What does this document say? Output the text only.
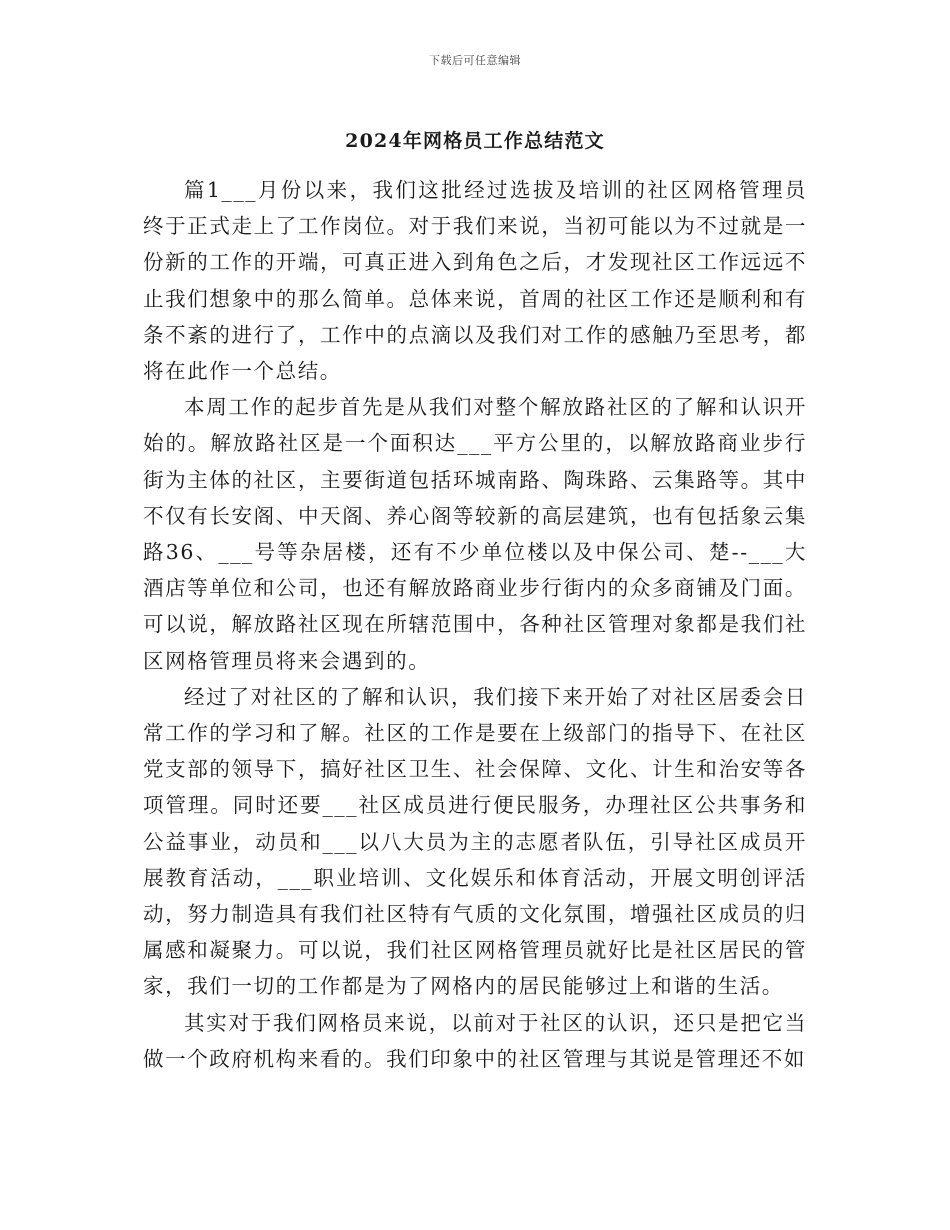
下载后可任意编辑
2024年网格员工作总结范文

篇1___月份以来，我们这批经过选拔及培训的社区网格管理员终于正式走上了工作岗位。对于我们来说，当初可能以为不过就是一份新的工作的开端，可真正进入到角色之后，才发现社区工作远远不止我们想象中的那么简单。总体来说，首周的社区工作还是顺利和有条不紊的进行了，工作中的点滴以及我们对工作的感触乃至思考，都将在此作一个总结。

本周工作的起步首先是从我们对整个解放路社区的了解和认识开始的。解放路社区是一个面积达___平方公里的，以解放路商业步行街为主体的社区，主要街道包括环城南路、陶珠路、云集路等。其中不仅有长安阁、中天阁、养心阁等较新的高层建筑，也有包括象云集路36、___号等杂居楼，还有不少单位楼以及中保公司、楚--___大酒店等单位和公司，也还有解放路商业步行街内的众多商铺及门面。可以说，解放路社区现在所辖范围中，各种社区管理对象都是我们社区网格管理员将来会遇到的。

经过了对社区的了解和认识，我们接下来开始了对社区居委会日常工作的学习和了解。社区的工作是要在上级部门的指导下、在社区党支部的领导下，搞好社区卫生、社会保障、文化、计生和治安等各项管理。同时还要___社区成员进行便民服务，办理社区公共事务和公益事业，动员和___以八大员为主的志愿者队伍，引导社区成员开展教育活动，___职业培训、文化娱乐和体育活动，开展文明创评活动，努力制造具有我们社区特有气质的文化氛围，增强社区成员的归属感和凝聚力。可以说，我们社区网格管理员就好比是社区居民的管家，我们一切的工作都是为了网格内的居民能够过上和谐的生活。

其实对于我们网格员来说，以前对于社区的认识，还只是把它当做一个政府机构来看的。我们印象中的社区管理与其说是管理还不如
